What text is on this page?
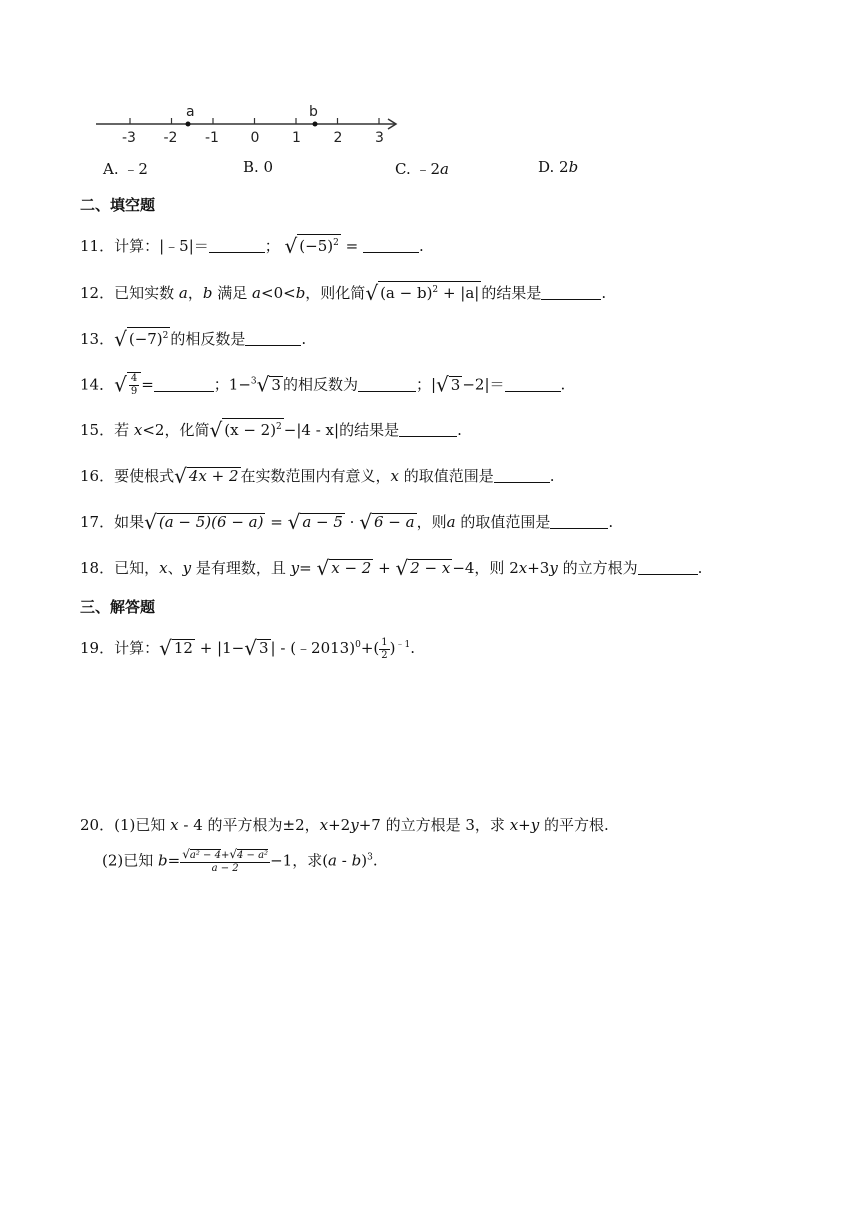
-3 -2 -1 0 1 2 3
a	b
A. ﹣2	B. 0	C. ﹣2a	D. 2b
二、填空题
11．计算：|﹣5|＝	； √ $(-5)^2$ =	.
12．已知实数 a，b 满足 a<0<b，则化简√ $(a - b)^2 + |a|$ 的结果是	.
13．√ $(-7)^2$ 的相反数是	.
14．√ $\frac{4}{9}$ =	；1−$^3$√ 3 的相反数为	；|√ 3 −2|＝	.
15．若 x<2，化简√ $(x - 2)^2 -|4 - x|$的结果是	.
16．要使根式√ 4x + 2 在实数范围内有意义，x 的取值范围是	.
17．如果√ (a − 5)(6 − a) = √ a − 5 · √ 6 − a ，则a 的取值范围是	.
18．已知，x、y 是有理数，且 y= √ x − 2 + √ 2 − x −4，则 2x+3y 的立方根为	.
三、解答题
19．计算：√ 12 + |1−√ 3 | - (﹣2013)$^0$+( $\frac{1}{2} )^{﹣1}$.
20．(1)已知 x - 4 的平方根为±2，x+2y+7 的立方根是 3，求 x+y 的平方根.
(2)已知 $b= \frac{\text{√a² − 4+√4 − a²}}{a - 2} -1$，求(a - b)$^3$.
